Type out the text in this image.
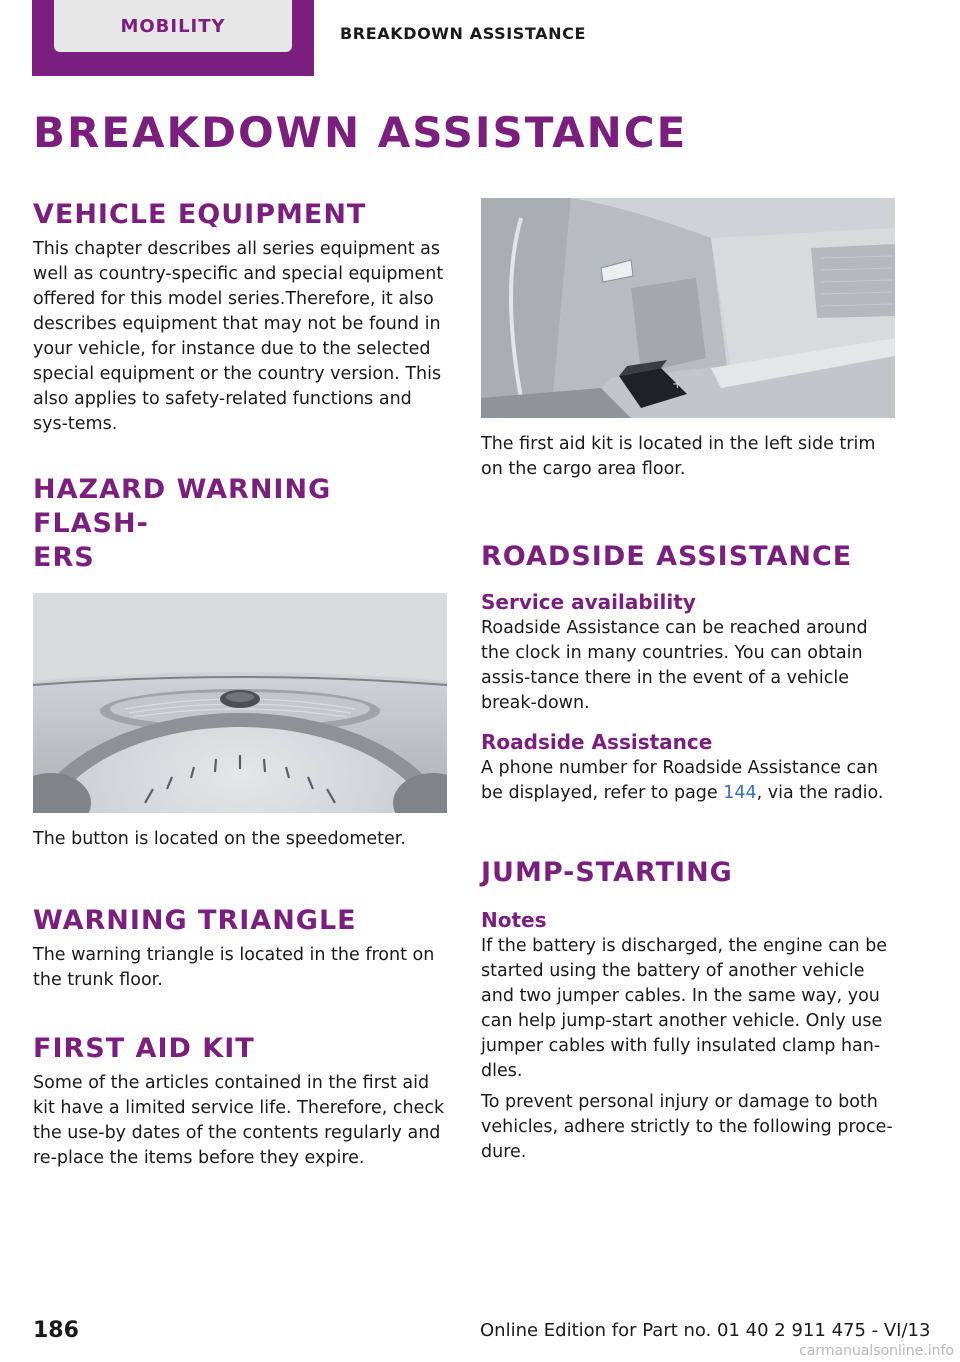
MOBILITY	BREAKDOWN ASSISTANCE
BREAKDOWN ASSISTANCE
VEHICLE EQUIPMENT

This chapter describes all series equipment as well as country-specific and special equipment offered for this model series.Therefore, it also describes equipment that may not be found in your vehicle, for instance due to the selected special equipment or the country version. This also applies to safety-related functions and sys‐tems.

HAZARD WARNING FLASH‐
ERS

The button is located on the speedometer.

WARNING TRIANGLE

The warning triangle is located in the front on the trunk floor.

FIRST AID KIT

Some of the articles contained in the first aid kit have a limited service life. Therefore, check the use-by dates of the contents regularly and re‐place the items before they expire.

+

The first aid kit is located in the left side trim on the cargo area floor.

ROADSIDE ASSISTANCE
Service availability

Roadside Assistance can be reached around the clock in many countries. You can obtain assis‐tance there in the event of a vehicle break‐down.

Roadside Assistance

A phone number for Roadside Assistance can be displayed, refer to page 144, via the radio.

JUMP-STARTING
Notes

If the battery is discharged, the engine can be started using the battery of another vehicle and two jumper cables. In the same way, you can help jump-start another vehicle. Only use jumper cables with fully insulated clamp han‐dles.

To prevent personal injury or damage to both vehicles, adhere strictly to the following proce‐dure.

186	Online Edition for Part no. 01 40 2 911 475 - VI/13
carmanualsonline.info
